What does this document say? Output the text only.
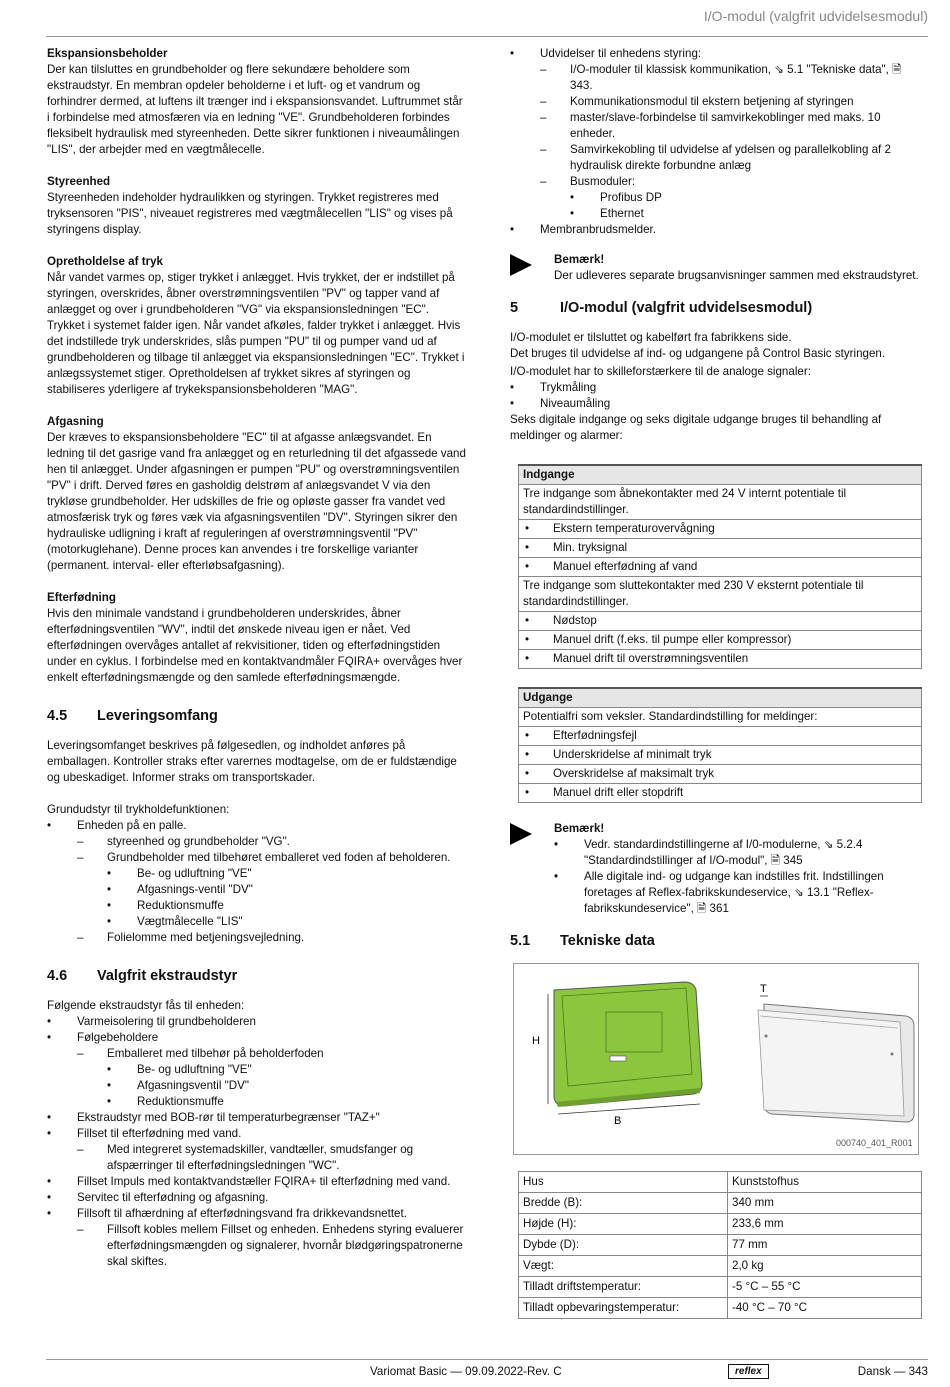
I/O-modul (valgfrit udvidelsesmodul)

Ekspansionsbeholder

Der kan tilsluttes en grundbeholder og flere sekundære beholdere som ekstraudstyr. En membran opdeler beholderne i et luft- og et vandrum og forhindrer dermed, at luftens ilt trænger ind i ekspansionsvandet. Luftrummet står i forbindelse med atmosfæren via en ledning "VE". Grundbeholderen forbindes fleksibelt hydraulisk med styreenheden. Dette sikrer funktionen i niveaumålingen "LIS", der arbejder med en vægtmålecelle.

Styreenhed

Styreenheden indeholder hydraulikken og styringen. Trykket registreres med tryksensoren "PIS", niveauet registreres med vægtmålecellen "LIS" og vises på styringens display.

Opretholdelse af tryk

Når vandet varmes op, stiger trykket i anlægget. Hvis trykket, der er indstillet på styringen, overskrides, åbner overstrømningsventilen "PV" og tapper vand af anlægget og over i grundbeholderen "VG" via ekspansionsledningen "EC". Trykket i systemet falder igen. Når vandet afkøles, falder trykket i anlægget. Hvis det indstillede tryk underskrides, slås pumpen "PU" til og pumper vand ud af grundbeholderen og tilbage til anlægget via ekspansionsledningen "EC". Trykket i anlægssystemet stiger. Opretholdelsen af trykket sikres af styringen og stabiliseres yderligere af trykekspansionsbeholderen "MAG".

Afgasning

Der kræves to ekspansionsbeholdere "EC" til at afgasse anlægsvandet. En ledning til det gasrige vand fra anlægget og en returledning til det afgassede vand hen til anlægget. Under afgasningen er pumpen "PU" og overstrømningsventilen "PV" i drift. Derved føres en gasholdig delstrøm af anlægsvandet V via den trykløse grundbeholder. Her udskilles de frie og opløste gasser fra vandet ved atmosfærisk tryk og føres væk via afgasningsventilen "DV". Styringen sikrer den hydrauliske udligning i kraft af reguleringen af overstrømningsventil "PV" (motorkuglehane). Denne proces kan anvendes i tre forskellige varianter (permanent. interval- eller efterløbsafgasning).

Efterfødning

Hvis den minimale vandstand i grundbeholderen underskrides, åbner efterfødningsventilen "WV", indtil det ønskede niveau igen er nået. Ved efterfødningen overvåges antallet af rekvisitioner, tiden og efterfødningstiden under en cyklus. I forbindelse med en kontaktvandmåler FQIRA+ overvåges hver enkelt efterfødningsmængde og den samlede efterfødningsmængde.

4.5	Leveringsomfang

Leveringsomfanget beskrives på følgesedlen, og indholdet anføres på emballagen. Kontroller straks efter varernes modtagelse, om de er fuldstændige og ubeskadiget. Informer straks om transportskader.

Grundudstyr til trykholdefunktionen:

• Enheden på en palle.
– styreenhed og grundbeholder "VG".
– Grundbeholder med tilbehøret emballeret ved foden af beholderen.
• Be- og udluftning "VE"
• Afgasnings-ventil "DV"
• Reduktionsmuffe
• Vægtmålecelle "LIS"
– Folielomme med betjeningsvejledning.
4.6	Valgfrit ekstraudstyr

Følgende ekstraudstyr fås til enheden:

• Varmeisolering til grundbeholderen
• Følgebeholdere
– Emballeret med tilbehør på beholderfoden
• Be- og udluftning "VE"
• Afgasningsventil "DV"
• Reduktionsmuffe
• Ekstraudstyr med BOB-rør til temperaturbegrænser "TAZ+"
• Fillset til efterfødning med vand.
– Med integreret systemadskiller, vandtæller, smudsfanger og afspærringer til efterfødningsledningen "WC".
• Fillset Impuls med kontaktvandstæller FQIRA+ til efterfødning med vand.
• Servitec til efterfødning og afgasning.
• Fillsoft til afhærdning af efterfødningsvand fra drikkevandsnettet.
– Fillsoft kobles mellem Fillset og enheden. Enhedens styring evaluerer efterfødningsmængden og signalerer, hvornår blødgøringspatronerne skal skiftes.
• Udvidelser til enhedens styring:
– I/O-moduler til klassisk kommunikation, ⇘ 5.1 "Tekniske data", 🗎 343.
– Kommunikationsmodul til ekstern betjening af styringen
– master/slave-forbindelse til samvirkekoblinger med maks. 10 enheder.
– Samvirkekobling til udvidelse af ydelsen og parallelkobling af 2 hydraulisk direkte forbundne anlæg
– Busmoduler:
• Profibus DP
• Ethernet
• Membranbrudsmelder.

Bemærk!

Der udleveres separate brugsanvisninger sammen med ekstraudstyret.

5	I/O-modul (valgfrit udvidelsesmodul)

I/O-modulet er tilsluttet og kabelført fra fabrikkens side.

Det bruges til udvidelse af ind- og udgangene på Control Basic styringen.

I/O-modulet har to skilleforstærkere til de analoge signaler:

• Trykmåling
• Niveaumåling

Seks digitale indgange og seks digitale udgange bruges til behandling af meldinger og alarmer:

Indgange
Tre indgange som åbnekontakter med 24 V internt potentiale til standardindstillinger.
• Ekstern temperaturovervågning
• Min. tryksignal
• Manuel efterfødning af vand
Tre indgange som sluttekontakter med 230 V eksternt potentiale til standardindstillinger.
• Nødstop
• Manuel drift (f.eks. til pumpe eller kompressor)
• Manuel drift til overstrømningsventilen
Udgange
Potentialfri som veksler. Standardindstilling for meldinger:
• Efterfødningsfejl
• Underskridelse af minimalt tryk
• Overskridelse af maksimalt tryk
• Manuel drift eller stopdrift

Bemærk!

• Vedr. standardindstillingerne af I/0-modulerne, ⇘ 5.2.4 "Standardindstillinger af I/O-modul", 🗎 345
• Alle digitale ind- og udgange kan indstilles frit. Indstillingen foretages af Reflex-fabrikskundeservice, ⇘ 13.1 "Reflex-fabrikskundeservice", 🗎 361
5.1	Tekniske data
H
B
T
000740_401_R001
Hus	Kunststofhus
Bredde (B):	340 mm
Højde (H):	233,6 mm
Dybde (D):	77 mm
Vægt:	2,0 kg
Tilladt driftstemperatur:	-5 °C – 55 °C
Tilladt opbevaringstemperatur:	-40 °C – 70 °C
Variomat Basic — 09.09.2022-Rev. C	reflex	Dansk — 343
